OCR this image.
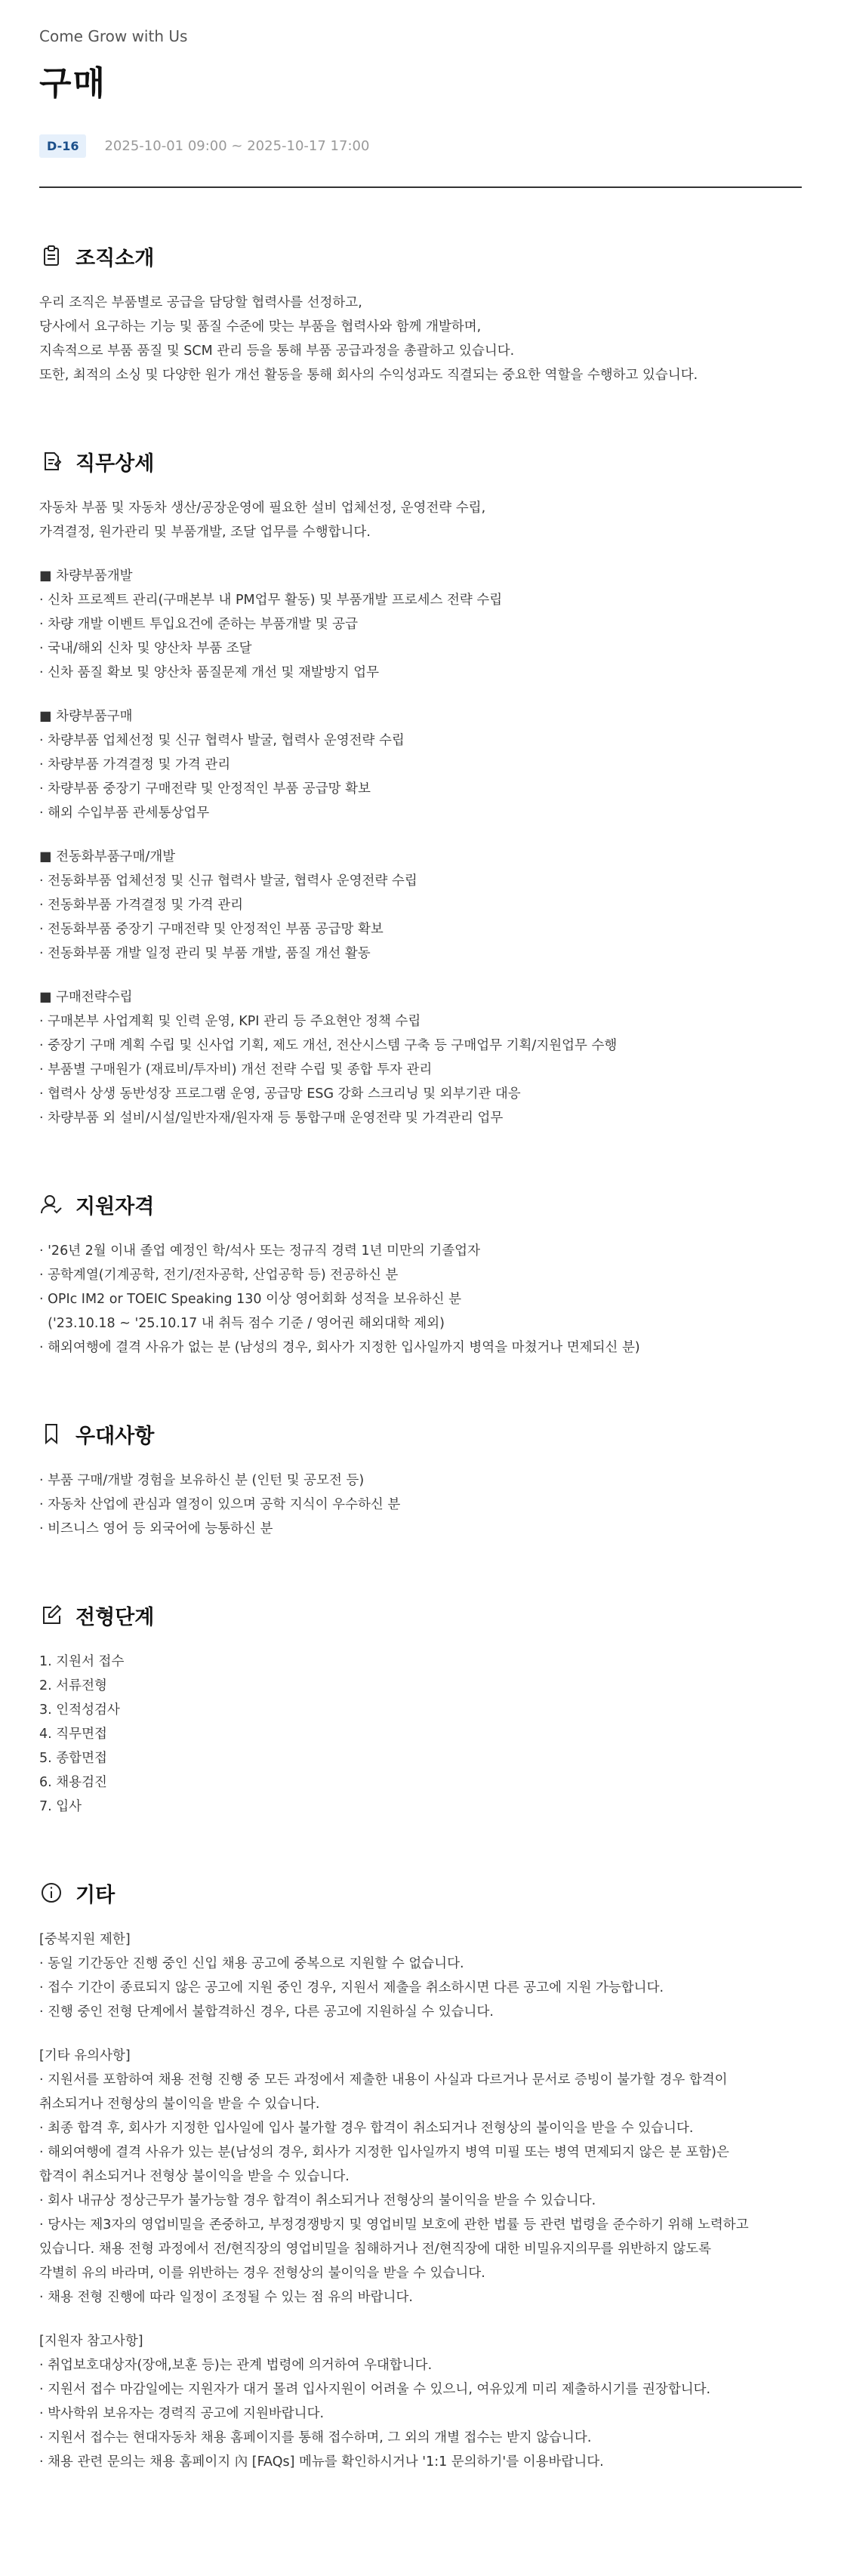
Come Grow with Us
구매
D-16	2025-10-01 09:00 ~ 2025-10-17 17:00
조직소개
우리 조직은 부품별로 공급을 담당할 협력사를 선정하고,
당사에서 요구하는 기능 및 품질 수준에 맞는 부품을 협력사와 함께 개발하며,
지속적으로 부품 품질 및 SCM 관리 등을 통해 부품 공급과정을 총괄하고 있습니다.
또한, 최적의 소싱 및 다양한 원가 개선 활동을 통해 회사의 수익성과도 직결되는 중요한 역할을 수행하고 있습니다.
직무상세
자동차 부품 및 자동차 생산/공장운영에 필요한 설비 업체선정, 운영전략 수립,
가격결정, 원가관리 및 부품개발, 조달 업무를 수행합니다.
■ 차량부품개발
· 신차 프로젝트 관리(구매본부 내 PM업무 활동) 및 부품개발 프로세스 전략 수립
· 차량 개발 이벤트 투입요건에 준하는 부품개발 및 공급
· 국내/해외 신차 및 양산차 부품 조달
· 신차 품질 확보 및 양산차 품질문제 개선 및 재발방지 업무
■ 차량부품구매
· 차량부품 업체선정 및 신규 협력사 발굴, 협력사 운영전략 수립
· 차량부품 가격결정 및 가격 관리
· 차량부품 중장기 구매전략 및 안정적인 부품 공급망 확보
· 해외 수입부품 관세통상업무
■ 전동화부품구매/개발
· 전동화부품 업체선정 및 신규 협력사 발굴, 협력사 운영전략 수립
· 전동화부품 가격결정 및 가격 관리
· 전동화부품 중장기 구매전략 및 안정적인 부품 공급망 확보
· 전동화부품 개발 일정 관리 및 부품 개발, 품질 개선 활동
■ 구매전략수립
· 구매본부 사업계획 및 인력 운영, KPI 관리 등 주요현안 정책 수립
· 중장기 구매 계획 수립 및 신사업 기획, 제도 개선, 전산시스템 구축 등 구매업무 기획/지원업무 수행
· 부품별 구매원가 (재료비/투자비) 개선 전략 수립 및 종합 투자 관리
· 협력사 상생 동반성장 프로그램 운영, 공급망 ESG 강화 스크리닝 및 외부기관 대응
· 차량부품 외 설비/시설/일반자재/원자재 등 통합구매 운영전략 및 가격관리 업무
지원자격
· '26년 2월 이내 졸업 예정인 학/석사 또는 정규직 경력 1년 미만의 기졸업자
· 공학계열(기계공학, 전기/전자공학, 산업공학 등) 전공하신 분
· OPIc IM2 or TOEIC Speaking 130 이상 영어회화 성적을 보유하신 분
('23.10.18 ~ '25.10.17 내 취득 점수 기준 / 영어권 해외대학 제외)
· 해외여행에 결격 사유가 없는 분 (남성의 경우, 회사가 지정한 입사일까지 병역을 마쳤거나 면제되신 분)
우대사항
· 부품 구매/개발 경험을 보유하신 분 (인턴 및 공모전 등)
· 자동차 산업에 관심과 열정이 있으며 공학 지식이 우수하신 분
· 비즈니스 영어 등 외국어에 능통하신 분
전형단계
1. 지원서 접수
2. 서류전형
3. 인적성검사
4. 직무면접
5. 종합면접
6. 채용검진
7. 입사
기타
[중복지원 제한]
· 동일 기간동안 진행 중인 신입 채용 공고에 중복으로 지원할 수 없습니다.
· 접수 기간이 종료되지 않은 공고에 지원 중인 경우, 지원서 제출을 취소하시면 다른 공고에 지원 가능합니다.
· 진행 중인 전형 단계에서 불합격하신 경우, 다른 공고에 지원하실 수 있습니다.
[기타 유의사항]
· 지원서를 포함하여 채용 전형 진행 중 모든 과정에서 제출한 내용이 사실과 다르거나 문서로 증빙이 불가할 경우 합격이
취소되거나 전형상의 불이익을 받을 수 있습니다.
· 최종 합격 후, 회사가 지정한 입사일에 입사 불가할 경우 합격이 취소되거나 전형상의 불이익을 받을 수 있습니다.
· 해외여행에 결격 사유가 있는 분(남성의 경우, 회사가 지정한 입사일까지 병역 미필 또는 병역 면제되지 않은 분 포함)은
합격이 취소되거나 전형상 불이익을 받을 수 있습니다.
· 회사 내규상 정상근무가 불가능할 경우 합격이 취소되거나 전형상의 불이익을 받을 수 있습니다.
· 당사는 제3자의 영업비밀을 존중하고, 부정경쟁방지 및 영업비밀 보호에 관한 법률 등 관련 법령을 준수하기 위해 노력하고
있습니다. 채용 전형 과정에서 전/현직장의 영업비밀을 침해하거나 전/현직장에 대한 비밀유지의무를 위반하지 않도록
각별히 유의 바라며, 이를 위반하는 경우 전형상의 불이익을 받을 수 있습니다.
· 채용 전형 진행에 따라 일정이 조정될 수 있는 점 유의 바랍니다.
[지원자 참고사항]
· 취업보호대상자(장애,보훈 등)는 관계 법령에 의거하여 우대합니다.
· 지원서 접수 마감일에는 지원자가 대거 몰려 입사지원이 어려울 수 있으니, 여유있게 미리 제출하시기를 권장합니다.
· 박사학위 보유자는 경력직 공고에 지원바랍니다.
· 지원서 접수는 현대자동차 채용 홈페이지를 통해 접수하며, 그 외의 개별 접수는 받지 않습니다.
· 채용 관련 문의는 채용 홈페이지 內 [FAQs] 메뉴를 확인하시거나 '1:1 문의하기'를 이용바랍니다.
